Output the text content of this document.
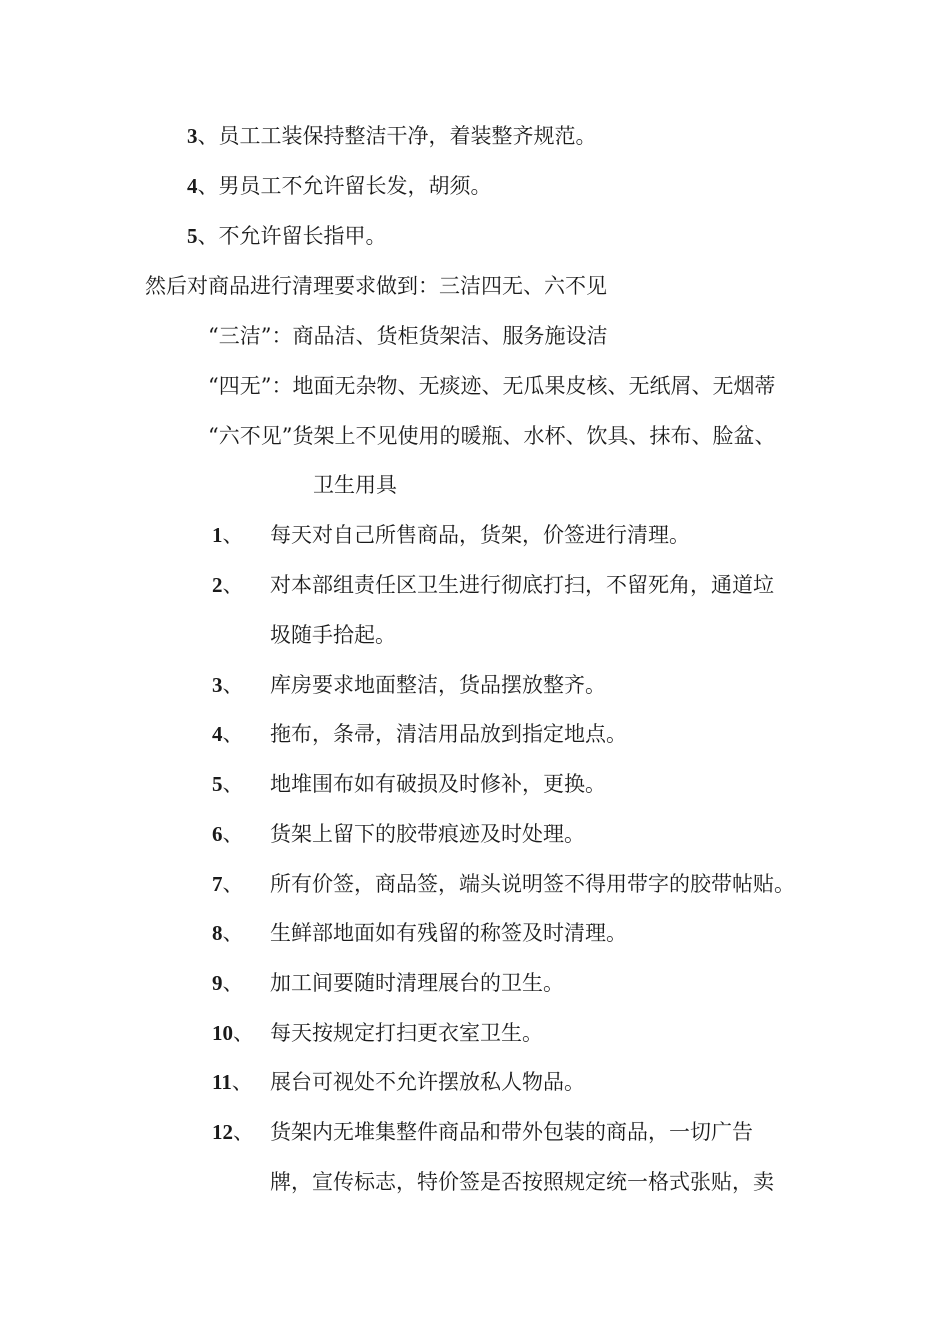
3、员工工装保持整洁干净，着装整齐规范。
4、男员工不允许留长发，胡须。
5、不允许留长指甲。
然后对商品进行清理要求做到：三洁四无、六不见
“三洁”：商品洁、货柜货架洁、服务施设洁
“四无”：地面无杂物、无痰迹、无瓜果皮核、无纸屑、无烟蒂
“六不见”货架上不见使用的暖瓶、水杯、饮具、抹布、脸盆、
卫生用具
1、 每天对自己所售商品，货架，价签进行清理。
2、 对本部组责任区卫生进行彻底打扫，不留死角，通道垃
圾随手拾起。
3、 库房要求地面整洁，货品摆放整齐。
4、 拖布，条帚，清洁用品放到指定地点。
5、 地堆围布如有破损及时修补，更换。
6、 货架上留下的胶带痕迹及时处理。
7、 所有价签，商品签，端头说明签不得用带字的胶带帖贴。
8、 生鲜部地面如有残留的称签及时清理。
9、 加工间要随时清理展台的卫生。
10、 每天按规定打扫更衣室卫生。
11、 展台可视处不允许摆放私人物品。
12、 货架内无堆集整件商品和带外包装的商品，一切广告
牌，宣传标志，特价签是否按照规定统一格式张贴，卖
